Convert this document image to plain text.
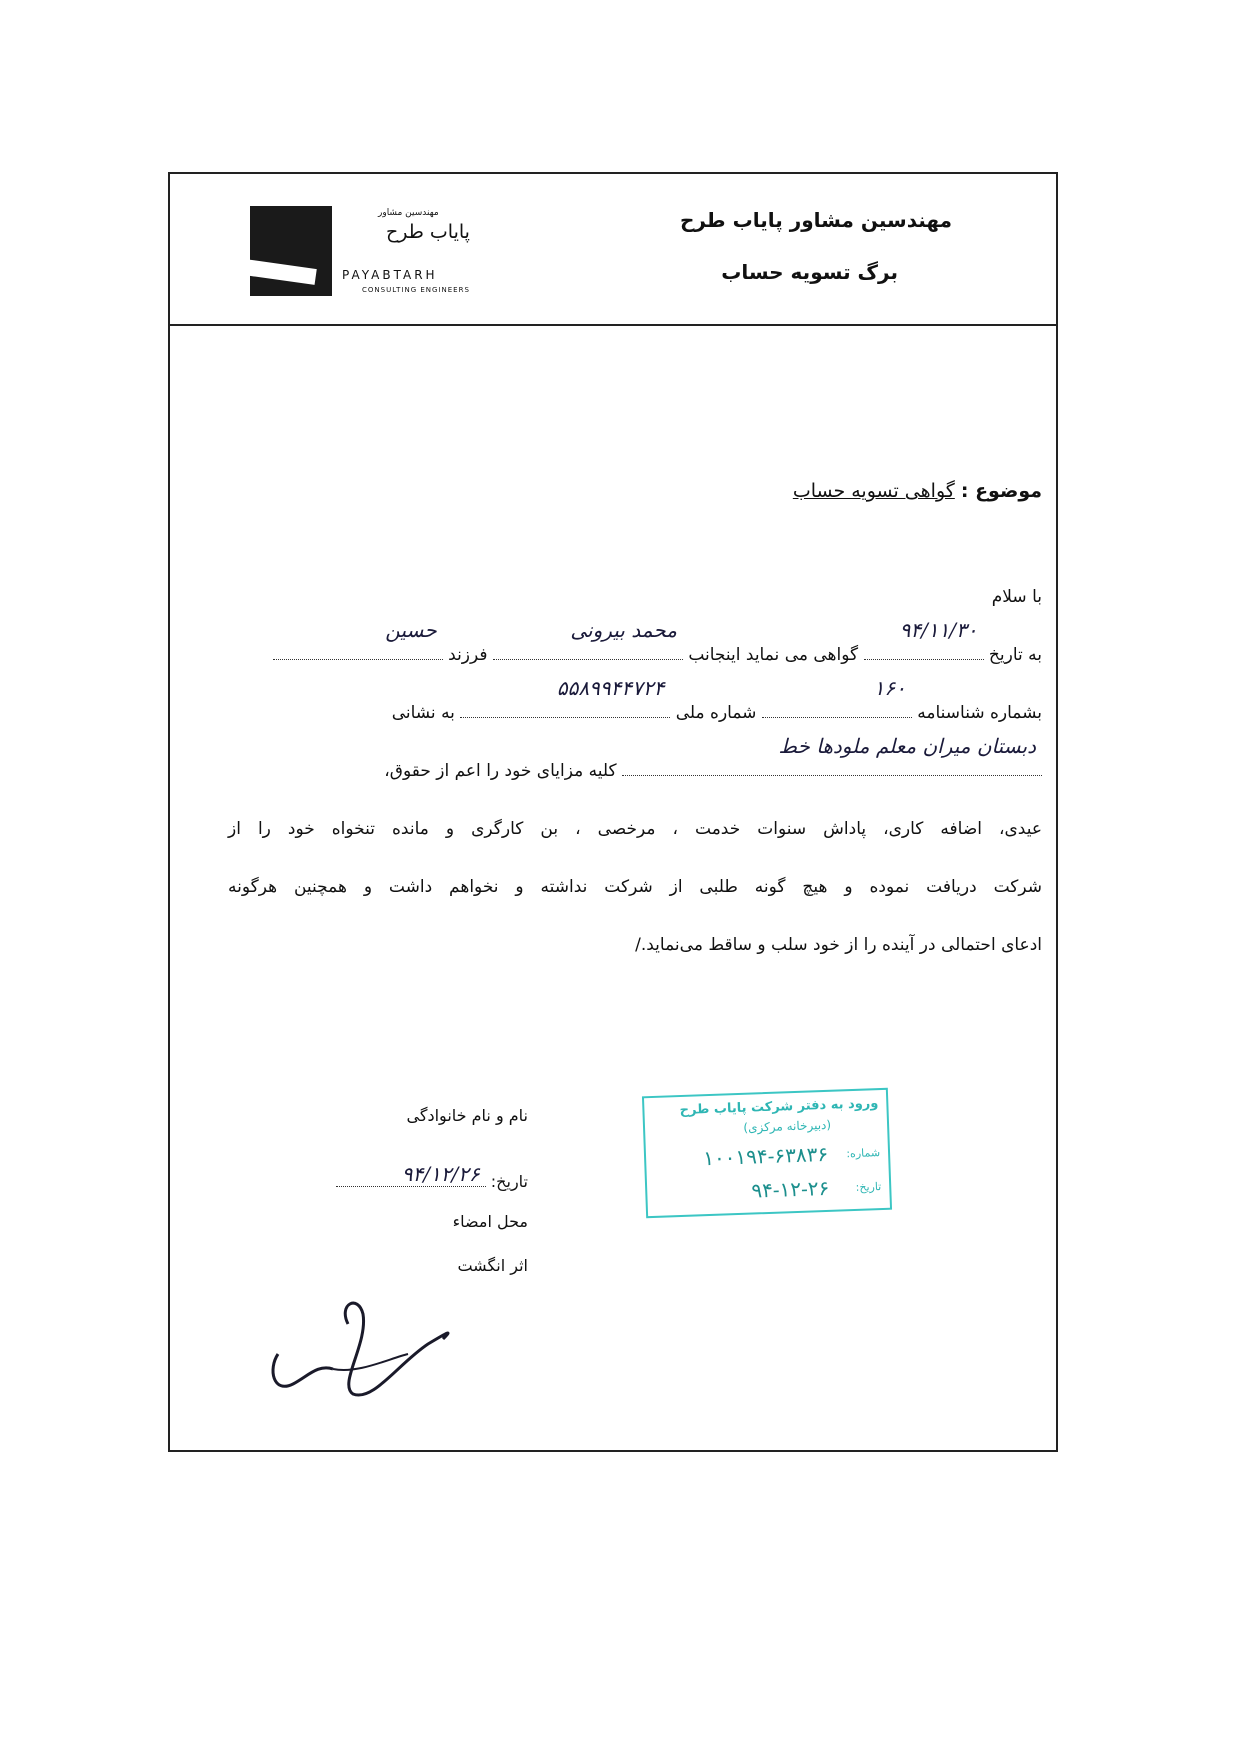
مهندسین مشاور
پایاب طرح
PAYABTARH
CONSULTING ENGINEERS
مهندسین مشاور پایاب طرح
برگ تسویه حساب
موضوع : گواهی تسویه حساب
با سلام
به تاریخ
۹۴/۱۱/۳۰
گواهی می نماید اینجانب
محمد بیرونی
فرزند
حسین
بشماره شناسنامه
۱۶۰
شماره ملی
۵۵۸۹۹۴۴۷۲۴
به نشانی
دبستان میران معلم ملودها خط
کلیه مزایای خود را اعم از حقوق،
عیدی، اضافه کاری، پاداش سنوات خدمت ، مرخصی ، بن کارگری و مانده تنخواه خود را از
شرکت دریافت نموده و هیچ گونه طلبی از شرکت نداشته و نخواهم داشت و همچنین هرگونه
ادعای احتمالی در آینده را از خود سلب و ساقط می‌نماید./
نام و نام خانوادگی
تاریخ:
۹۴/۱۲/۲۶
محل امضاء
اثر انگشت
ورود به دفتر شرکت پایاب طرح
(دبیرخانه مرکزی)
شماره:
۱۰۰۱۹۴-۶۳۸۳۶
تاریخ:
۹۴-۱۲-۲۶
